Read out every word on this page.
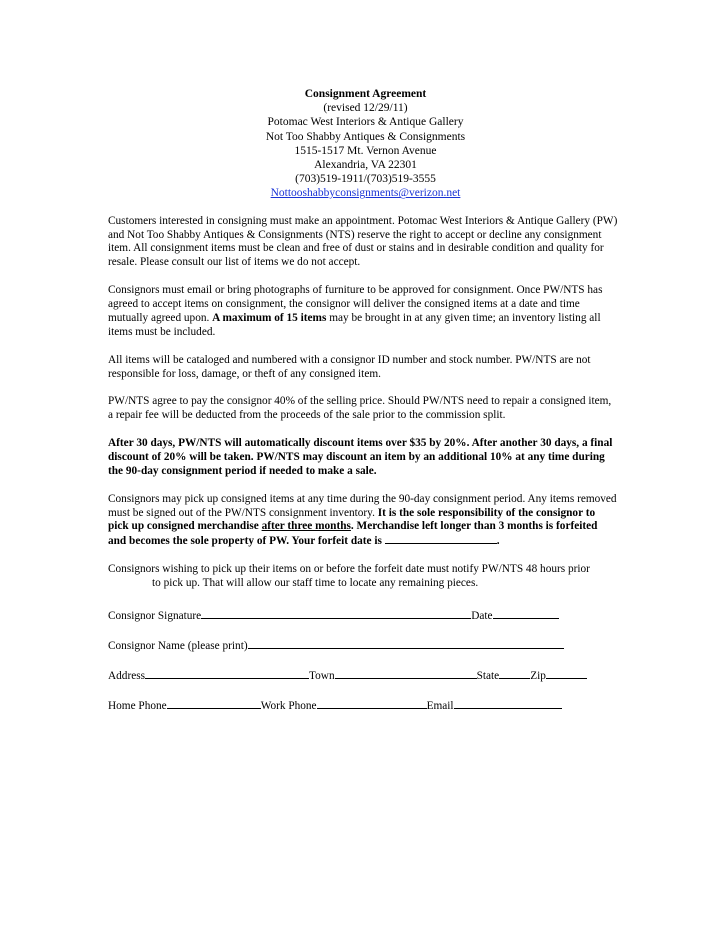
Consignment Agreement
(revised 12/29/11)
Potomac West Interiors & Antique Gallery
Not Too Shabby Antiques & Consignments
1515-1517 Mt. Vernon Avenue
Alexandria, VA 22301
(703)519-1911/(703)519-3555
Nottooshabbyconsignments@verizon.net

Customers interested in consigning must make an appointment. Potomac West Interiors & Antique Gallery (PW) and Not Too Shabby Antiques & Consignments (NTS) reserve the right to accept or decline any consignment item. All consignment items must be clean and free of dust or stains and in desirable condition and quality for resale. Please consult our list of items we do not accept.

Consignors must email or bring photographs of furniture to be approved for consignment. Once PW/NTS has agreed to accept items on consignment, the consignor will deliver the consigned items at a date and time mutually agreed upon. A maximum of 15 items may be brought in at any given time; an inventory listing all items must be included.

All items will be cataloged and numbered with a consignor ID number and stock number. PW/NTS are not responsible for loss, damage, or theft of any consigned item.

PW/NTS agree to pay the consignor 40% of the selling price. Should PW/NTS need to repair a consigned item, a repair fee will be deducted from the proceeds of the sale prior to the commission split.

After 30 days, PW/NTS will automatically discount items over $35 by 20%. After another 30 days, a final discount of 20% will be taken. PW/NTS may discount an item by an additional 10% at any time during the 90-day consignment period if needed to make a sale.

Consignors may pick up consigned items at any time during the 90-day consignment period. Any items removed must be signed out of the PW/NTS consignment inventory. It is the sole responsibility of the consignor to pick up consigned merchandise after three months. Merchandise left longer than 3 months is forfeited and becomes the sole property of PW. Your forfeit date is	.

Consignors wishing to pick up their items on or before the forfeit date must notify PW/NTS 48 hours prior
to pick up. That will allow our staff time to locate any remaining pieces.

Consignor Signature	Date
Consignor Name (please print)
Address	Town	State	Zip
Home Phone	Work Phone	Email
